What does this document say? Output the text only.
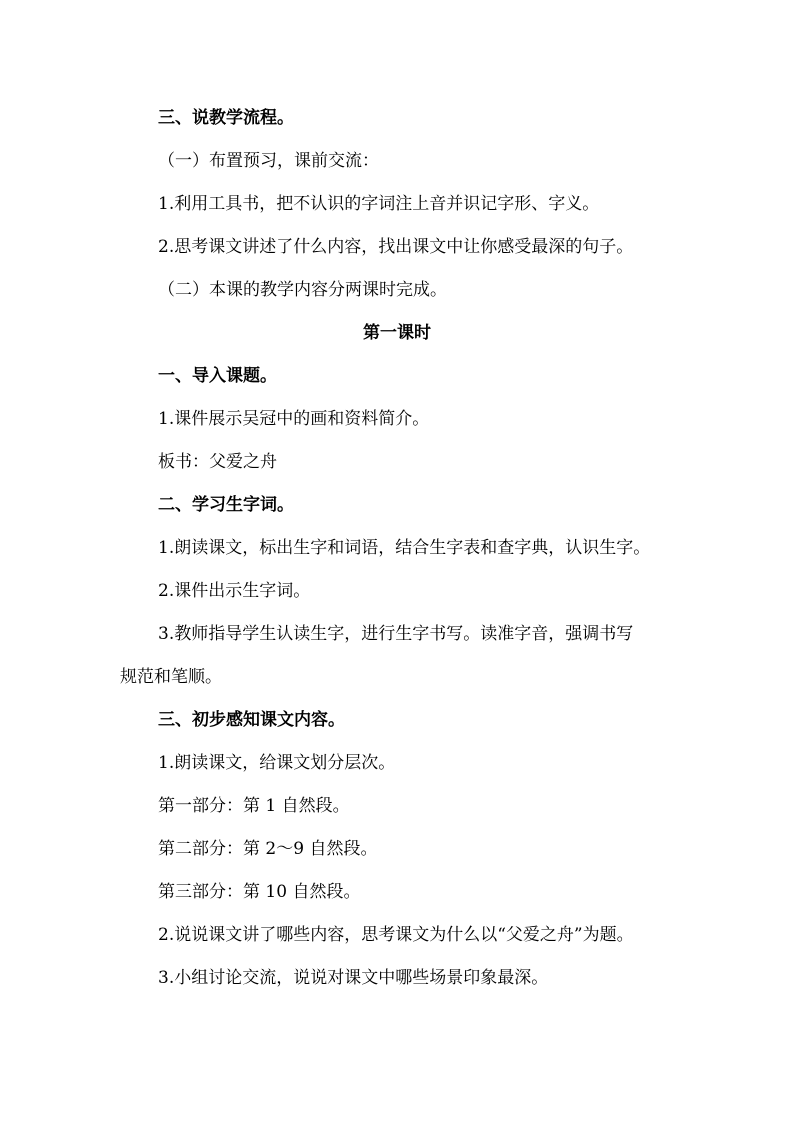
三、说教学流程。
（一）布置预习，课前交流：
1.利用工具书，把不认识的字词注上音并识记字形、字义。
2.思考课文讲述了什么内容，找出课文中让你感受最深的句子。
（二）本课的教学内容分两课时完成。
第一课时
一、导入课题。
1.课件展示吴冠中的画和资料简介。
板书：父爱之舟
二、学习生字词。
1.朗读课文，标出生字和词语，结合生字表和查字典，认识生字。
2.课件出示生字词。
3.教师指导学生认读生字，进行生字书写。读准字音，强调书写
规范和笔顺。
三、初步感知课文内容。
1.朗读课文，给课文划分层次。
第一部分：第 1 自然段。
第二部分：第 2～9 自然段。
第三部分：第 10 自然段。
2.说说课文讲了哪些内容，思考课文为什么以“父爱之舟”为题。
3.小组讨论交流，说说对课文中哪些场景印象最深。
